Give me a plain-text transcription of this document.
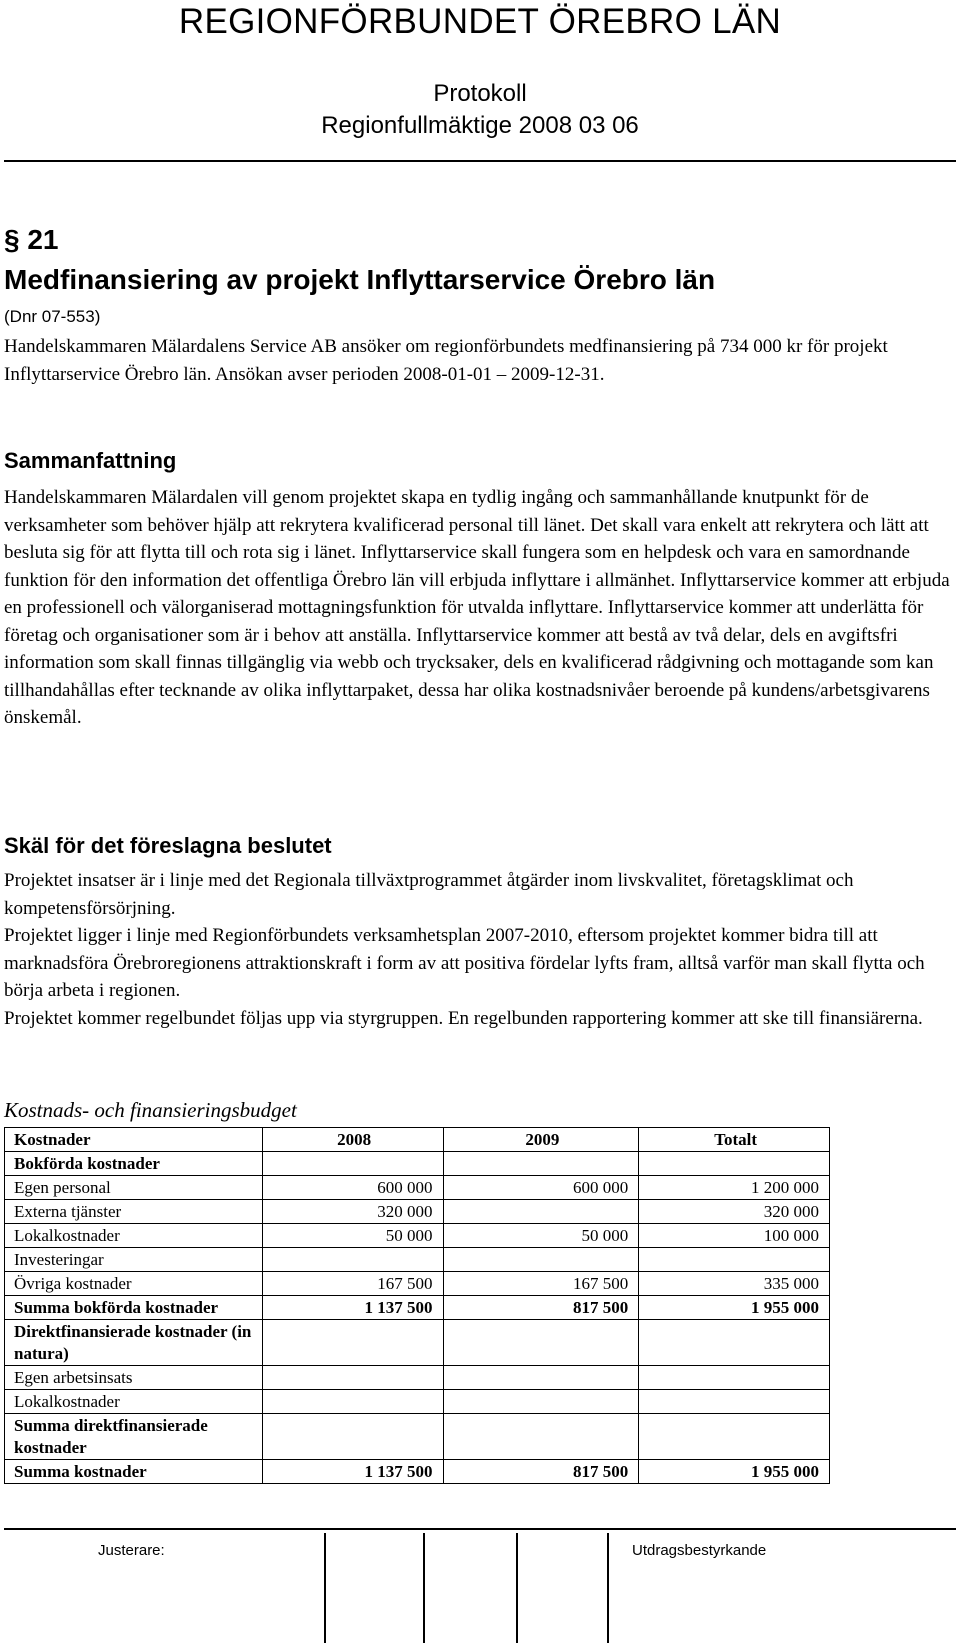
REGIONFÖRBUNDET ÖREBRO LÄN
Protokoll
Regionfullmäktige 2008 03 06
§ 21
Medfinansiering av projekt Inflyttarservice Örebro län
(Dnr 07-553)
Handelskammaren Mälardalens Service AB ansöker om regionförbundets medfinansiering på 734 000 kr för projekt Inflyttarservice Örebro län. Ansökan avser perioden 2008-01-01 – 2009-12-31.
Sammanfattning
Handelskammaren Mälardalen vill genom projektet skapa en tydlig ingång och sammanhållande knutpunkt för de verksamheter som behöver hjälp att rekrytera kvalificerad personal till länet. Det skall vara enkelt att rekrytera och lätt att besluta sig för att flytta till och rota sig i länet. Inflyttarservice skall fungera som en helpdesk och vara en samordnande funktion för den information det offentliga Örebro län vill erbjuda inflyttare i allmänhet. Inflyttarservice kommer att erbjuda en professionell och välorganiserad mottagningsfunktion för utvalda inflyttare. Inflyttarservice kommer att underlätta för företag och organisationer som är i behov att anställa. Inflyttarservice kommer att bestå av två delar, dels en avgiftsfri information som skall finnas tillgänglig via webb och trycksaker, dels en kvalificerad rådgivning och mottagande som kan tillhandahållas efter tecknande av olika inflyttarpaket, dessa har olika kostnadsnivåer beroende på kundens/arbetsgivarens önskemål.
Skäl för det föreslagna beslutet
Projektet insatser är i linje med det Regionala tillväxtprogrammet åtgärder inom livskvalitet, företagsklimat och kompetensförsörjning.
Projektet ligger i linje med Regionförbundets verksamhetsplan 2007-2010, eftersom projektet kommer bidra till att marknadsföra Örebroregionens attraktionskraft i form av att positiva fördelar lyfts fram, alltså varför man skall flytta och börja arbeta i regionen.
Projektet kommer regelbundet följas upp via styrgruppen. En regelbunden rapportering kommer att ske till finansiärerna.
Kostnads- och finansieringsbudget
Kostnader	2008	2009	Totalt
Bokförda kostnader			
Egen personal	600 000	600 000	1 200 000
Externa tjänster	320 000		320 000
Lokalkostnader	50 000	50 000	100 000
Investeringar			
Övriga kostnader	167 500	167 500	335 000
Summa bokförda kostnader	1 137 500	817 500	1 955 000
Direktfinansierade kostnader (in natura)			
Egen arbetsinsats			
Lokalkostnader			
Summa direktfinansierade kostnader			
Summa kostnader	1 137 500	817 500	1 955 000
Justerare:	Utdragsbestyrkande
